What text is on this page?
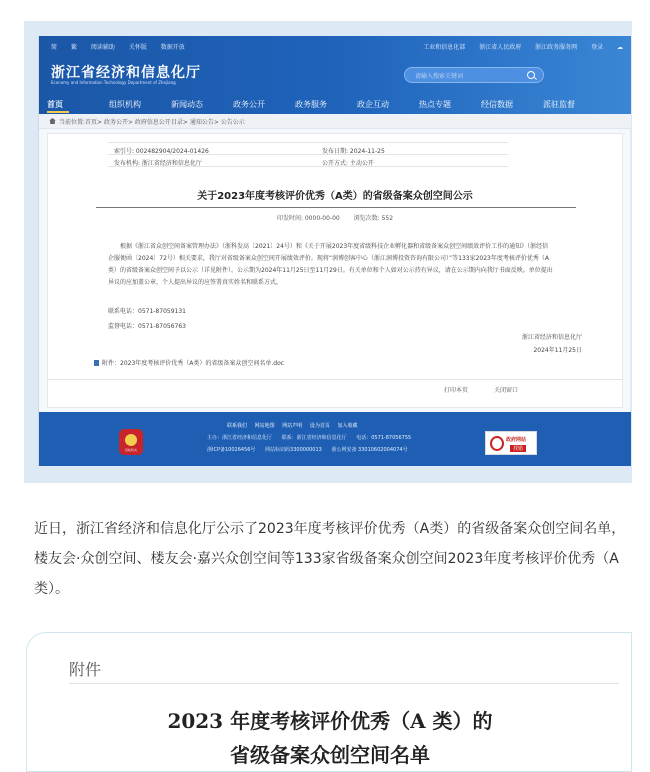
简 繁 阅读辅助 关怀版 数据开放	工业和信息化部 浙江省人民政府 浙江政务服务网 登录 ☁
浙江省经济和信息化厅
Economy and Information Technology Department of Zhejiang
请输入搜索关键词
首页	组织机构	新闻动态	政务公开	政务服务	政企互动	热点专题	经信数据	派驻监督
当前位置:首页> 政务公开> 政府信息公开目录> 通知公告> 公告公示
索引号: 002482904/2024-01426	发布日期: 2024-11-25
发布机构: 浙江省经济和信息化厅	公开方式: 主动公开
关于2023年度考核评价优秀（A类）的省级备案众创空间公示
印发时间: 0000-00-00 浏览次数: 552

根据《浙江省众创空间备案管理办法》（浙科发高〔2021〕24号）和《关于开展2023年度省级科技企业孵化器和省级备案众创空间绩效评价工作的通知》（浙经信企服便函〔2024〕72号）相关要求，我厅对省级备案众创空间开展绩效评价。现将“润博创客中心（浙江润博投资咨询有限公司）”等133家2023年度考核评价优秀（A类）的省级备案众创空间予以公示（详见附件）。公示期为2024年11月25日至11月29日。有关单位和个人如对公示持有异议，请在公示期内向我厅书面反映。单位提出异议的应加盖公章，个人提出异议的应签署真实姓名和联系方式。

联系电话：0571-87059131
监督电话：0571-87056763
浙江省经济和信息化厅
2024年11月25日
附件：2023年度考核评价优秀（A类）的省级备案众创空间名单.doc
打印本页	关闭窗口
党政机关
联系我们 网站地图 网站声明 设为首页 加入收藏
主办：浙江省经济和信息化厅 联系：浙江省经济和信息化厅 电话：0571-87056755
浙ICP备10026456号 网站标识码3300000013 浙公网安备 33010602004074号
政府网站
找错
近日，浙江省经济和信息化厅公示了2023年度考核评价优秀（A类）的省级备案众创空间名单，楼友会·众创空间、楼友会·嘉兴众创空间等133家省级备案众创空间2023年度考核评价优秀（A类）。
附件
2023 年度考核评价优秀（A 类）的
省级备案众创空间名单
